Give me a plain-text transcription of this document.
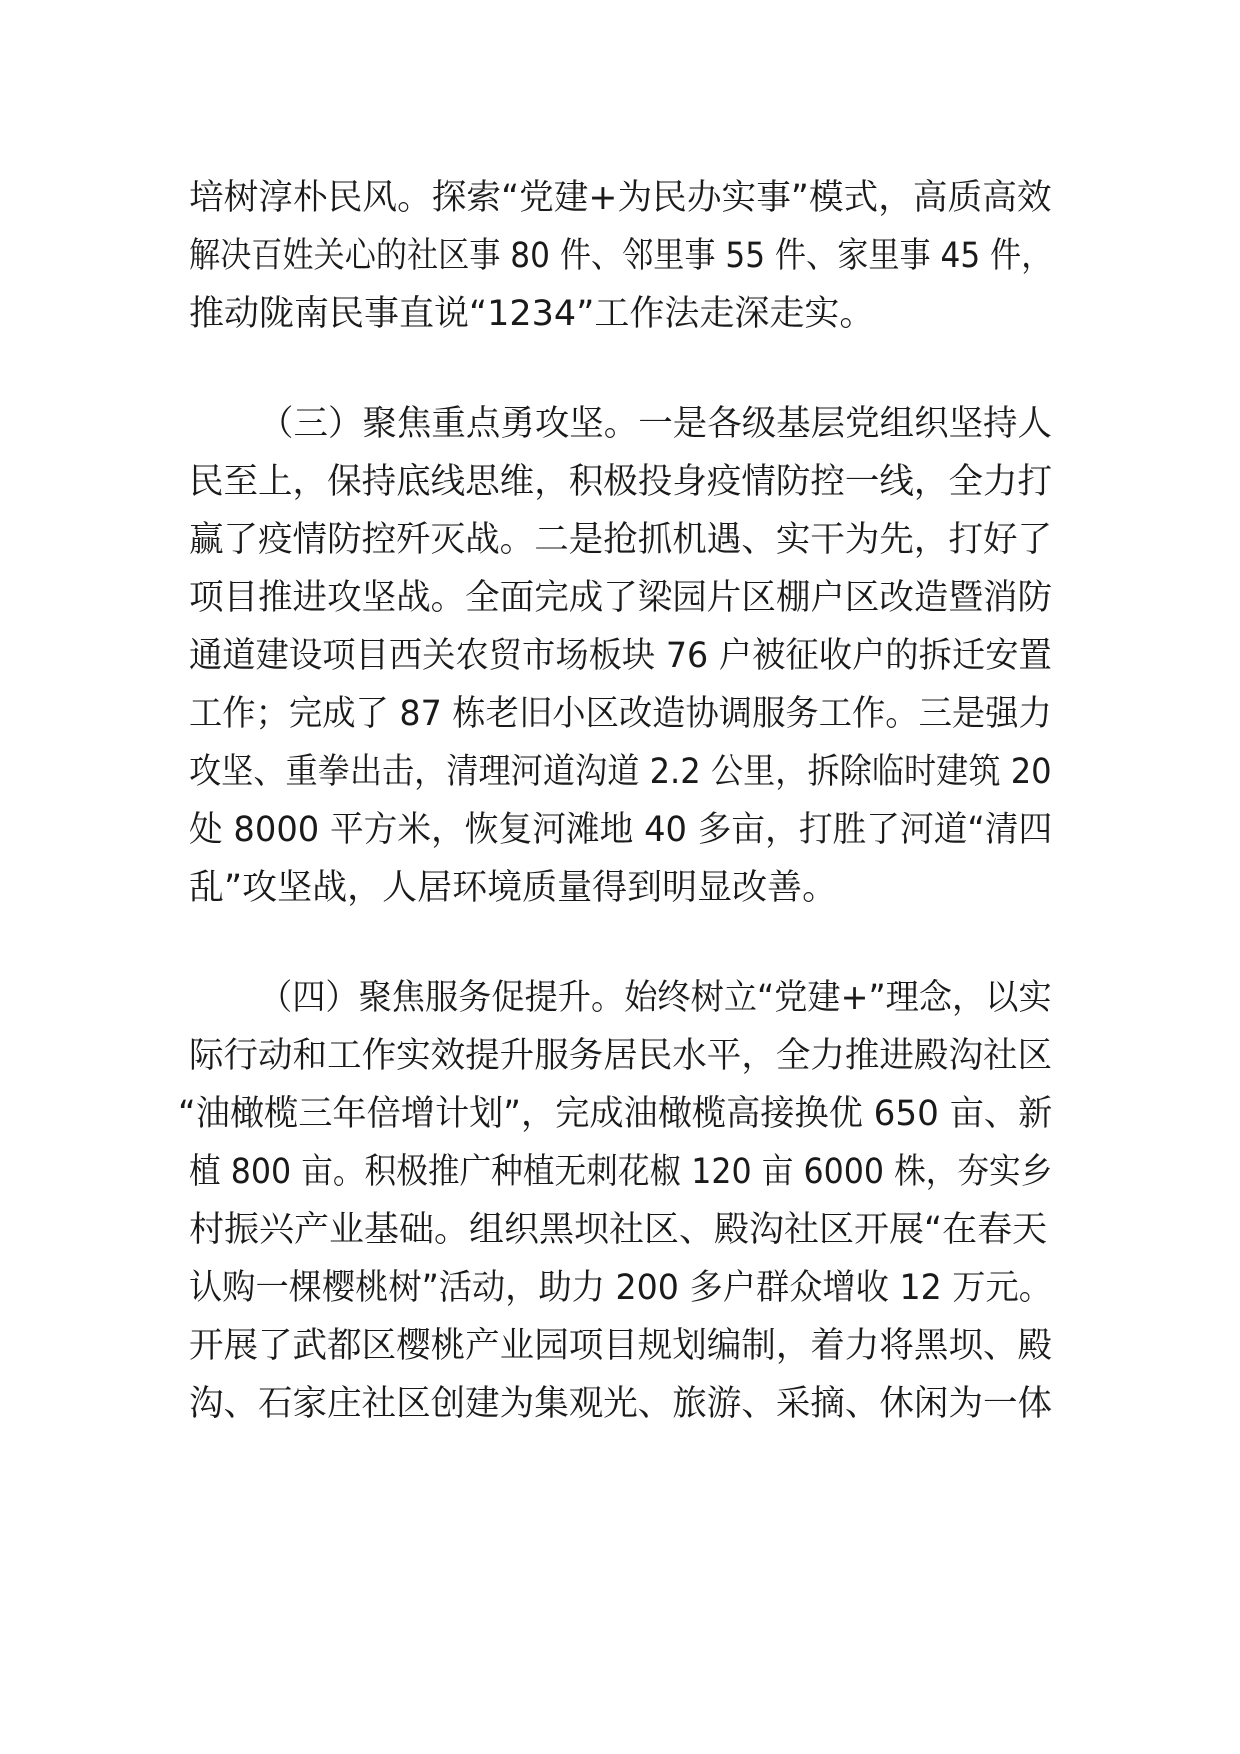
培树淳朴民风。探索“党建+为民办实事”模式，高质高效
解决百姓关心的社区事 80 件、邻里事 55 件、家里事 45 件，
推动陇南民事直说“1234”工作法走深走实。
（三）聚焦重点勇攻坚。一是各级基层党组织坚持人
民至上，保持底线思维，积极投身疫情防控一线，全力打
赢了疫情防控歼灭战。二是抢抓机遇、实干为先，打好了
项目推进攻坚战。全面完成了梁园片区棚户区改造暨消防
通道建设项目西关农贸市场板块 76 户被征收户的拆迁安置
工作；完成了 87 栋老旧小区改造协调服务工作。三是强力
攻坚、重拳出击，清理河道沟道 2.2 公里，拆除临时建筑 20
处 8000 平方米，恢复河滩地 40 多亩，打胜了河道“清四
乱”攻坚战，人居环境质量得到明显改善。
（四）聚焦服务促提升。始终树立“党建+”理念，以实
际行动和工作实效提升服务居民水平，全力推进殿沟社区
“油橄榄三年倍增计划”，完成油橄榄高接换优 650 亩、新
植 800 亩。积极推广种植无刺花椒 120 亩 6000 株，夯实乡
村振兴产业基础。组织黑坝社区、殿沟社区开展“在春天
认购一棵樱桃树”活动，助力 200 多户群众增收 12 万元。
开展了武都区樱桃产业园项目规划编制，着力将黑坝、殿
沟、石家庄社区创建为集观光、旅游、采摘、休闲为一体
